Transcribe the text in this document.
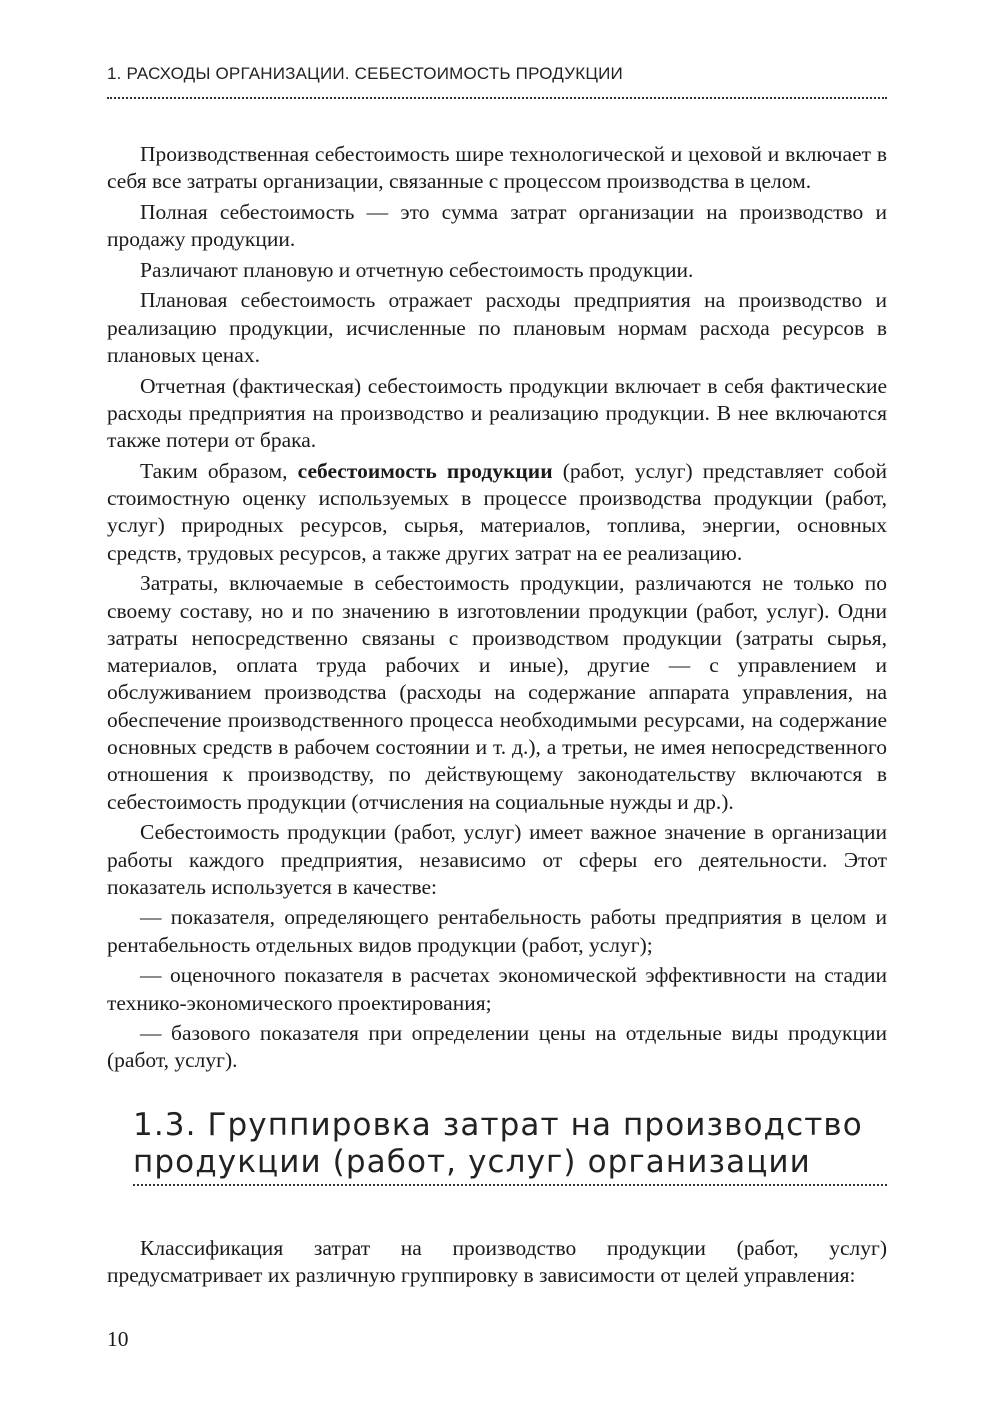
1. РАСХОДЫ ОРГАНИЗАЦИИ. СЕБЕСТОИМОСТЬ ПРОДУКЦИИ

Производственная себестоимость шире технологической и цеховой и включает в себя все затраты организации, связанные с процессом производства в целом.

Полная себестоимость — это сумма затрат организации на производство и продажу продукции.

Различают плановую и отчетную себестоимость продукции.

Плановая себестоимость отражает расходы предприятия на производство и реализацию продукции, исчисленные по плановым нормам расхода ресурсов в плановых ценах.

Отчетная (фактическая) себестоимость продукции включает в себя фактические расходы предприятия на производство и реализацию продукции. В нее включаются также потери от брака.

Таким образом, себестоимость продукции (работ, услуг) представляет собой стоимостную оценку используемых в процессе производства продукции (работ, услуг) природных ресурсов, сырья, материалов, топлива, энергии, основных средств, трудовых ресурсов, а также других затрат на ее реализацию.

Затраты, включаемые в себестоимость продукции, различаются не только по своему составу, но и по значению в изготовлении продукции (работ, услуг). Одни затраты непосредственно связаны с производством продукции (затраты сырья, материалов, оплата труда рабочих и иные), другие — с управлением и обслуживанием производства (расходы на содержание аппарата управления, на обеспечение производственного процесса необходимыми ресурсами, на содержание основных средств в рабочем состоянии и т. д.), а третьи, не имея непосредственного отношения к производству, по действующему законодательству включаются в себестоимость продукции (отчисления на социальные нужды и др.).

Себестоимость продукции (работ, услуг) имеет важное значение в организации работы каждого предприятия, независимо от сферы его деятельности. Этот показатель используется в качестве:

— показателя, определяющего рентабельность работы предприятия в целом и рентабельность отдельных видов продукции (работ, услуг);

— оценочного показателя в расчетах экономической эффективности на стадии технико-экономического проектирования;

— базового показателя при определении цены на отдельные виды продукции (работ, услуг).

1.3. Группировка затрат на производство
продукции (работ, услуг) организации

Классификация затрат на производство продукции (работ, услуг) предусматривает их различную группировку в зависимости от целей управления:

10
